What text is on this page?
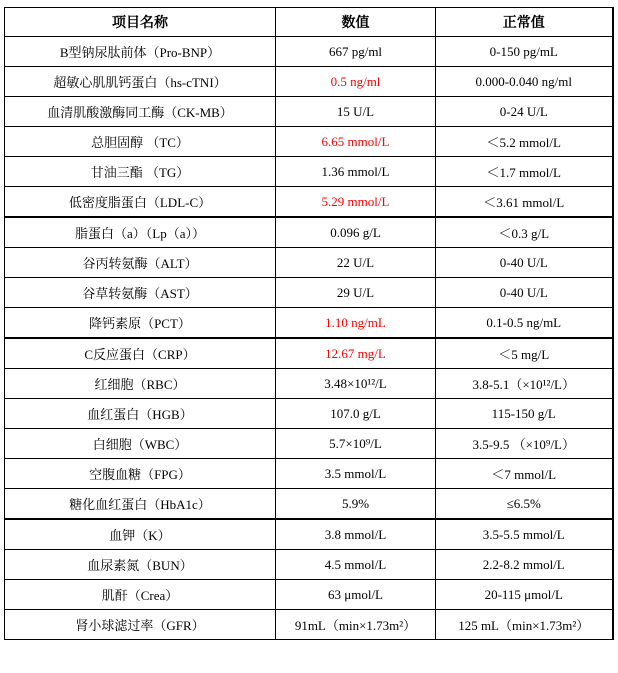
项目名称	数值	正常值
B型钠尿肽前体（Pro-BNP）	667 pg/ml	0-150 pg/mL
超敏心肌肌钙蛋白（hs-cTNI）	0.5 ng/ml	0.000-0.040 ng/ml
血清肌酸激酶同工酶（CK-MB）	15 U/L	0-24 U/L
总胆固醇 （TC）	6.65 mmol/L	＜5.2 mmol/L
甘油三酯 （TG）	1.36 mmol/L	＜1.7 mmol/L
低密度脂蛋白（LDL-C）	5.29 mmol/L	＜3.61 mmol/L
脂蛋白（a）（Lp（a））	0.096 g/L	＜0.3 g/L
谷丙转氨酶（ALT）	22 U/L	0-40 U/L
谷草转氨酶（AST）	29 U/L	0-40 U/L
降钙素原（PCT）	1.10 ng/mL	0.1-0.5 ng/mL
C反应蛋白（CRP）	12.67 mg/L	＜5 mg/L
红细胞（RBC）	3.48×10¹²/L	3.8-5.1（×10¹²/L）
血红蛋白（HGB）	107.0 g/L	115-150 g/L
白细胞（WBC）	5.7×10⁹/L	3.5-9.5 （×10⁹/L）
空腹血糖（FPG）	3.5 mmol/L	＜7 mmol/L
糖化血红蛋白（HbA1c）	5.9%	≤6.5%
血钾（K）	3.8 mmol/L	3.5-5.5 mmol/L
血尿素氮（BUN）	4.5 mmol/L	2.2-8.2 mmol/L
肌酐（Crea）	63 μmol/L	20-115 μmol/L
肾小球滤过率（GFR）	91mL（min×1.73m²）	125 mL（min×1.73m²）
